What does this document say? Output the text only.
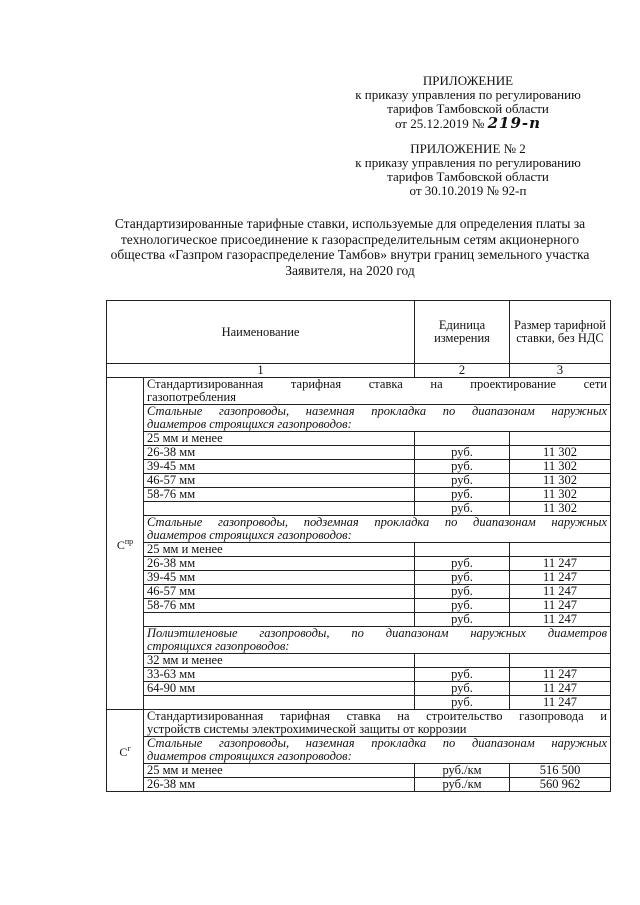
ПРИЛОЖЕНИЕ
к приказу управления по регулированию
тарифов Тамбовской области
от 25.12.2019 № 219-п
ПРИЛОЖЕНИЕ № 2
к приказу управления по регулированию
тарифов Тамбовской области
от 30.10.2019 № 92-п
Стандартизированные тарифные ставки, используемые для определения платы за
технологическое присоединение к газораспределительным сетям акционерного
общества «Газпром газораспределение Тамбов» внутри границ земельного участка
Заявителя, на 2020 год
Наименование		Единица измерения	Размер тарифной ставки, без НДС
1		2	3
$С^{пр}$	Стандартизированная тарифная ставка на проектирование сети
газопотребления		

	Стальные газопроводы, наземная прокладка по диапазонам наружных
диаметров строящихся газопроводов:		

	25 мм и менее		
	26-38 мм	руб.	11 302
	39-45 мм	руб.	11 302
	46-57 мм	руб.	11 302
	58-76 мм	руб.	11 302
		руб.	11 302

	Стальные газопроводы, подземная прокладка по диапазонам наружных
диаметров строящихся газопроводов:		

	25 мм и менее		
	26-38 мм	руб.	11 247
	39-45 мм	руб.	11 247
	46-57 мм	руб.	11 247
	58-76 мм	руб.	11 247
		руб.	11 247

	Полиэтиленовые газопроводы, по диапазонам наружных диаметров
строящихся газопроводов:		

	32 мм и менее		
	33-63 мм	руб.	11 247
	64-90 мм	руб.	11 247
		руб.	11 247
$С^г$	Стандартизированная тарифная ставка на строительство газопровода и
устройств системы электрохимической защиты от коррозии		

	Стальные газопроводы, наземная прокладка по диапазонам наружных
диаметров строящихся газопроводов:		

	25 мм и менее	руб./км	516 500
	26-38 мм	руб./км	560 962
